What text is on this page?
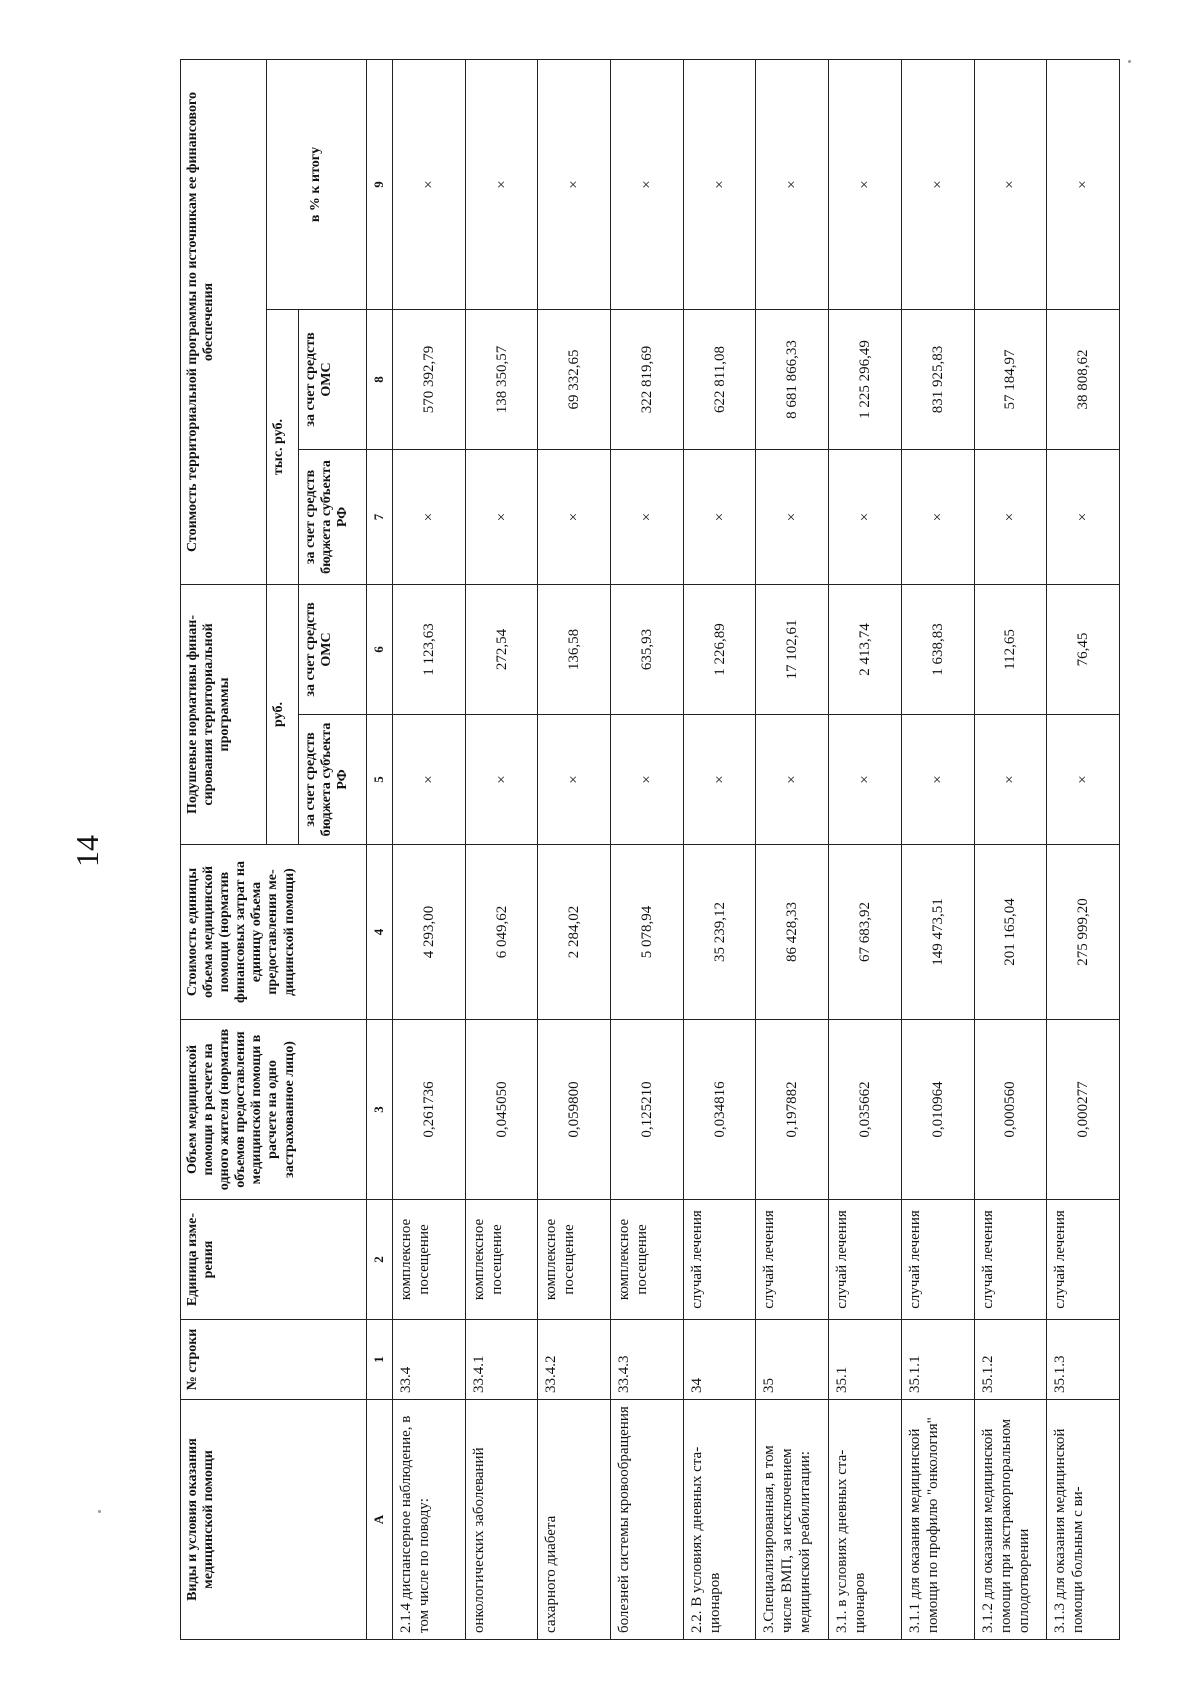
14
Виды и условия оказания медицинской помощи	№ строки	Единица измерения	Объем медицинской помощи в расчете на одного жителя (норматив объемов предоставления медицинской помощи в расчете на одно застрахованное лицо)	Стоимость единицы объема медицинской помощи (норматив финансовых затрат на единицу объема предоставления медицинской помощи)	Подушевые нормативы финансирования территориальной программы		Стоимость территориальной программы по источникам ее финансового обеспечения		
					руб.		тыс. руб.		в % к итогу
					за счет средств бюджета субъекта РФ	за счет средств ОМС	за счет средств бюджета субъекта РФ	за счет средств ОМС	
А	1	2	3	4	5	6	7	8	9
2.1.4 диспансерное наблюдение, в том числе по поводу:	33.4	комплексное посещение	0,261736	4 293,00	×	1 123,63	×	570 392,79	×
онкологических заболеваний	33.4.1	комплексное посещение	0,045050	6 049,62	×	272,54	×	138 350,57	×
сахарного диабета	33.4.2	комплексное посещение	0,059800	2 284,02	×	136,58	×	69 332,65	×
болезней системы кровообращения	33.4.3	комплексное посещение	0,125210	5 078,94	×	635,93	×	322 819,69	×
2.2. В условиях дневных стационаров	34	случай лечения	0,034816	35 239,12	×	1 226,89	×	622 811,08	×
3.Специализированная, в том числе ВМП, за исключением медицинской реабилитации:	35	случай лечения	0,197882	86 428,33	×	17 102,61	×	8 681 866,33	×
3.1. в условиях дневных стационаров	35.1	случай лечения	0,035662	67 683,92	×	2 413,74	×	1 225 296,49	×
3.1.1 для оказания медицинской помощи по профилю "онкология"	35.1.1	случай лечения	0,010964	149 473,51	×	1 638,83	×	831 925,83	×
3.1.2 для оказания медицинской помощи при экстракорпоральном оплодотворении	35.1.2	случай лечения	0,000560	201 165,04	×	112,65	×	57 184,97	×
3.1.3 для оказания медицинской помощи больным с ви-	35.1.3	случай лечения	0,000277	275 999,20	×	76,45	×	38 808,62	×
